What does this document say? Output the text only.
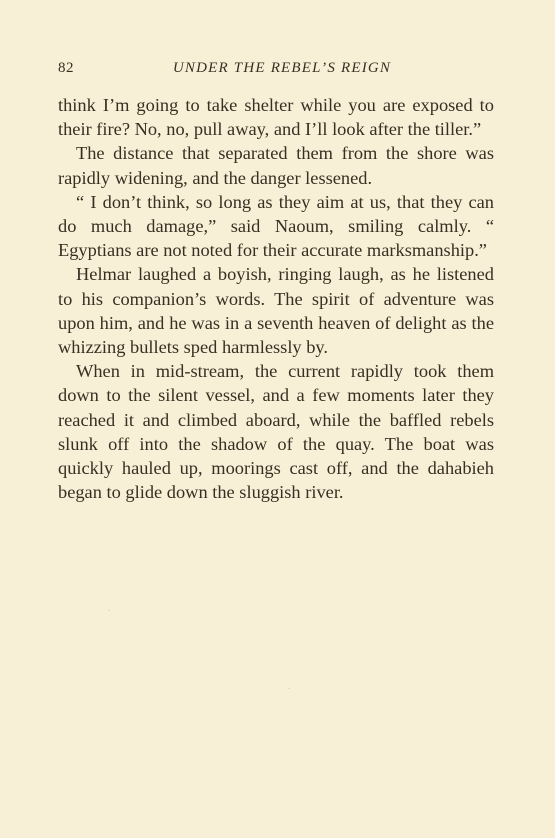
82	UNDER THE REBEL’S REIGN

think I’m going to take shelter while you are exposed to their fire? No, no, pull away, and I’ll look after the tiller.”

The distance that separated them from the shore was rapidly widening, and the danger lessened.

“ I don’t think, so long as they aim at us, that they can do much damage,” said Naoum, smiling calmly. “ Egyptians are not noted for their accurate marksmanship.”

Helmar laughed a boyish, ringing laugh, as he listened to his companion’s words. The spirit of adventure was upon him, and he was in a seventh heaven of delight as the whizzing bullets sped harmlessly by.

When in mid-stream, the current rapidly took them down to the silent vessel, and a few moments later they reached it and climbed aboard, while the baffled rebels slunk off into the shadow of the quay. The boat was quickly hauled up, moorings cast off, and the dahabieh began to glide down the sluggish river.
